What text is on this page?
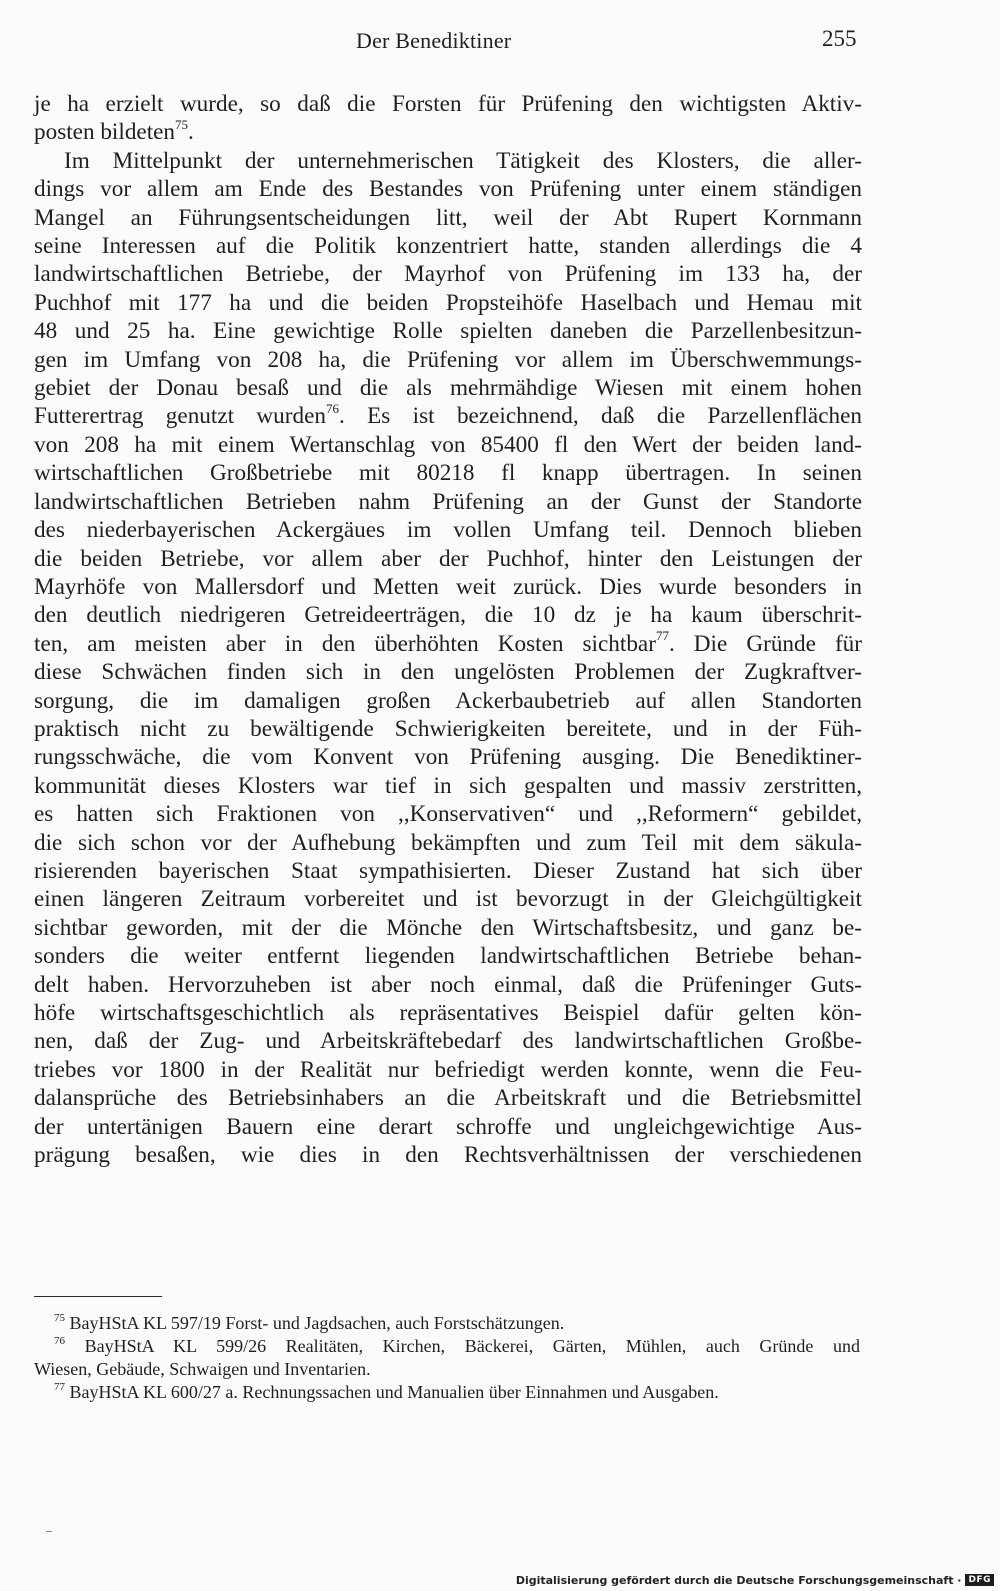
Der Benediktiner	255
je ha erzielt wurde, so daß die Forsten für Prüfening den wichtigsten Aktiv-
posten bildeten$^{75}$.
Im Mittelpunkt der unternehmerischen Tätigkeit des Klosters, die aller-
dings vor allem am Ende des Bestandes von Prüfening unter einem ständigen
Mangel an Führungsentscheidungen litt, weil der Abt Rupert Kornmann
seine Interessen auf die Politik konzentriert hatte, standen allerdings die 4
landwirtschaftlichen Betriebe, der Mayrhof von Prüfening im 133 ha, der
Puchhof mit 177 ha und die beiden Propsteihöfe Haselbach und Hemau mit
48 und 25 ha. Eine gewichtige Rolle spielten daneben die Parzellenbesitzun-
gen im Umfang von 208 ha, die Prüfening vor allem im Überschwemmungs-
gebiet der Donau besaß und die als mehrmähdige Wiesen mit einem hohen
Futterertrag genutzt wurden$^{76}$. Es ist bezeichnend, daß die Parzellenflächen
von 208 ha mit einem Wertanschlag von 85400 fl den Wert der beiden land-
wirtschaftlichen Großbetriebe mit 80218 fl knapp übertragen. In seinen
landwirtschaftlichen Betrieben nahm Prüfening an der Gunst der Standorte
des niederbayerischen Ackergäues im vollen Umfang teil. Dennoch blieben
die beiden Betriebe, vor allem aber der Puchhof, hinter den Leistungen der
Mayrhöfe von Mallersdorf und Metten weit zurück. Dies wurde besonders in
den deutlich niedrigeren Getreideerträgen, die 10 dz je ha kaum überschrit-
ten, am meisten aber in den überhöhten Kosten sichtbar$^{77}$. Die Gründe für
diese Schwächen finden sich in den ungelösten Problemen der Zugkraftver-
sorgung, die im damaligen großen Ackerbaubetrieb auf allen Standorten
praktisch nicht zu bewältigende Schwierigkeiten bereitete, und in der Füh-
rungsschwäche, die vom Konvent von Prüfening ausging. Die Benediktiner-
kommunität dieses Klosters war tief in sich gespalten und massiv zerstritten,
es hatten sich Fraktionen von ,,Konservativen“ und ,,Reformern“ gebildet,
die sich schon vor der Aufhebung bekämpften und zum Teil mit dem säkula-
risierenden bayerischen Staat sympathisierten. Dieser Zustand hat sich über
einen längeren Zeitraum vorbereitet und ist bevorzugt in der Gleichgültigkeit
sichtbar geworden, mit der die Mönche den Wirtschaftsbesitz, und ganz be-
sonders die weiter entfernt liegenden landwirtschaftlichen Betriebe behan-
delt haben. Hervorzuheben ist aber noch einmal, daß die Prüfeninger Guts-
höfe wirtschaftsgeschichtlich als repräsentatives Beispiel dafür gelten kön-
nen, daß der Zug- und Arbeitskräftebedarf des landwirtschaftlichen Großbe-
triebes vor 1800 in der Realität nur befriedigt werden konnte, wenn die Feu-
dalansprüche des Betriebsinhabers an die Arbeitskraft und die Betriebsmittel
der untertänigen Bauern eine derart schroffe und ungleichgewichtige Aus-
prägung besaßen, wie dies in den Rechtsverhältnissen der verschiedenen
$^{75}$ BayHStA KL 597/19 Forst- und Jagdsachen, auch Forstschätzungen.
$^{76}$ BayHStA KL 599/26 Realitäten, Kirchen, Bäckerei, Gärten, Mühlen, auch Gründe und
Wiesen, Gebäude, Schwaigen und Inventarien.
$^{77}$ BayHStA KL 600/27 a. Rechnungssachen und Manualien über Einnahmen und Ausgaben.
Digitalisierung gefördert durch die Deutsche Forschungsgemeinschaft · DFG
